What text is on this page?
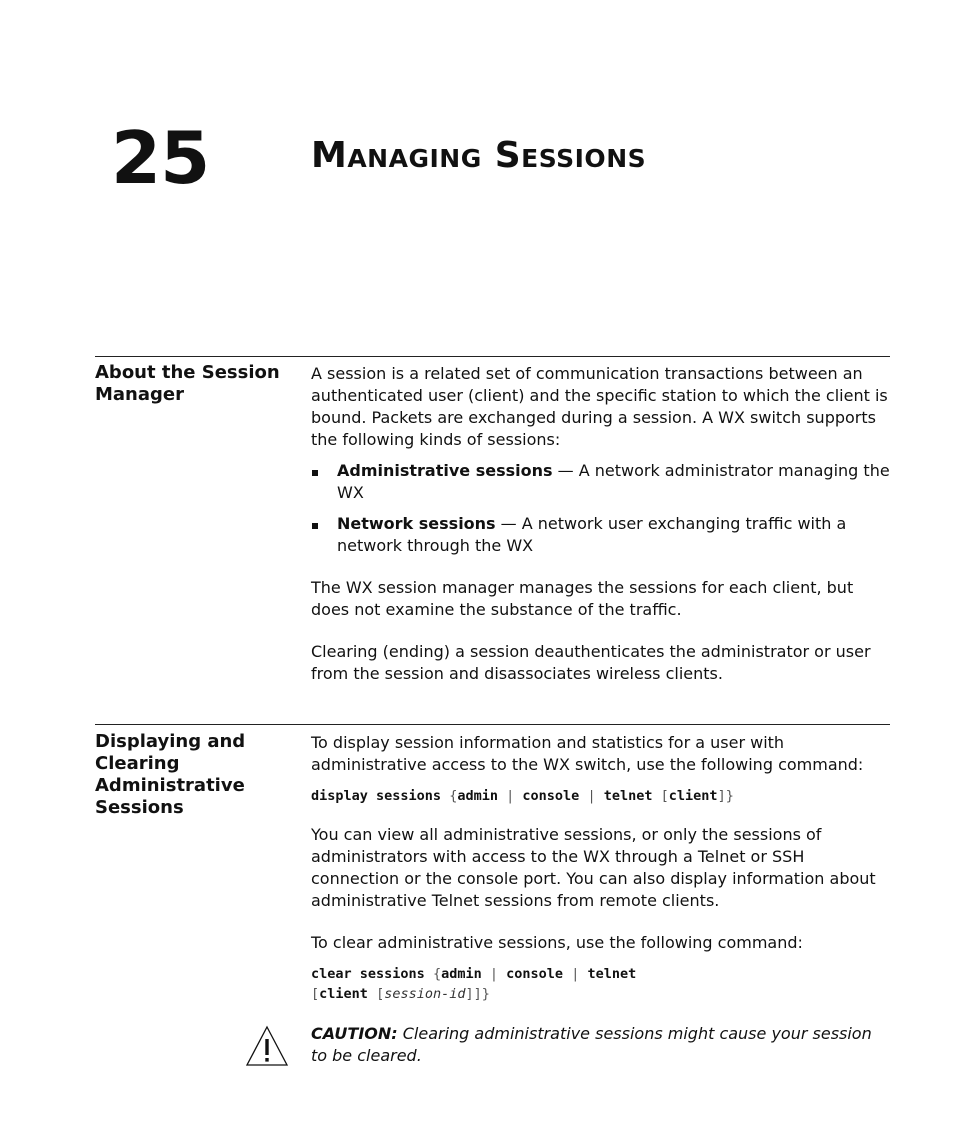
25	Managing Sessions
About the Session Manager

A session is a related set of communication transactions between an authenticated user (client) and the specific station to which the client is bound. Packets are exchanged during a session. A WX switch supports the following kinds of sessions:

Administrative sessions — A network administrator managing the WX
Network sessions — A network user exchanging traffic with a network through the WX

The WX session manager manages the sessions for each client, but does not examine the substance of the traffic.

Clearing (ending) a session deauthenticates the administrator or user from the session and disassociates wireless clients.

Displaying and Clearing Administrative Sessions

To display session information and statistics for a user with administrative access to the WX switch, use the following command:

display sessions {admin | console | telnet [client]}

You can view all administrative sessions, or only the sessions of administrators with access to the WX through a Telnet or SSH connection or the console port. You can also display information about administrative Telnet sessions from remote clients.

To clear administrative sessions, use the following command:

clear sessions {admin | console | telnet
[client [session-id]]}
CAUTION: Clearing administrative sessions might cause your session to be cleared.
